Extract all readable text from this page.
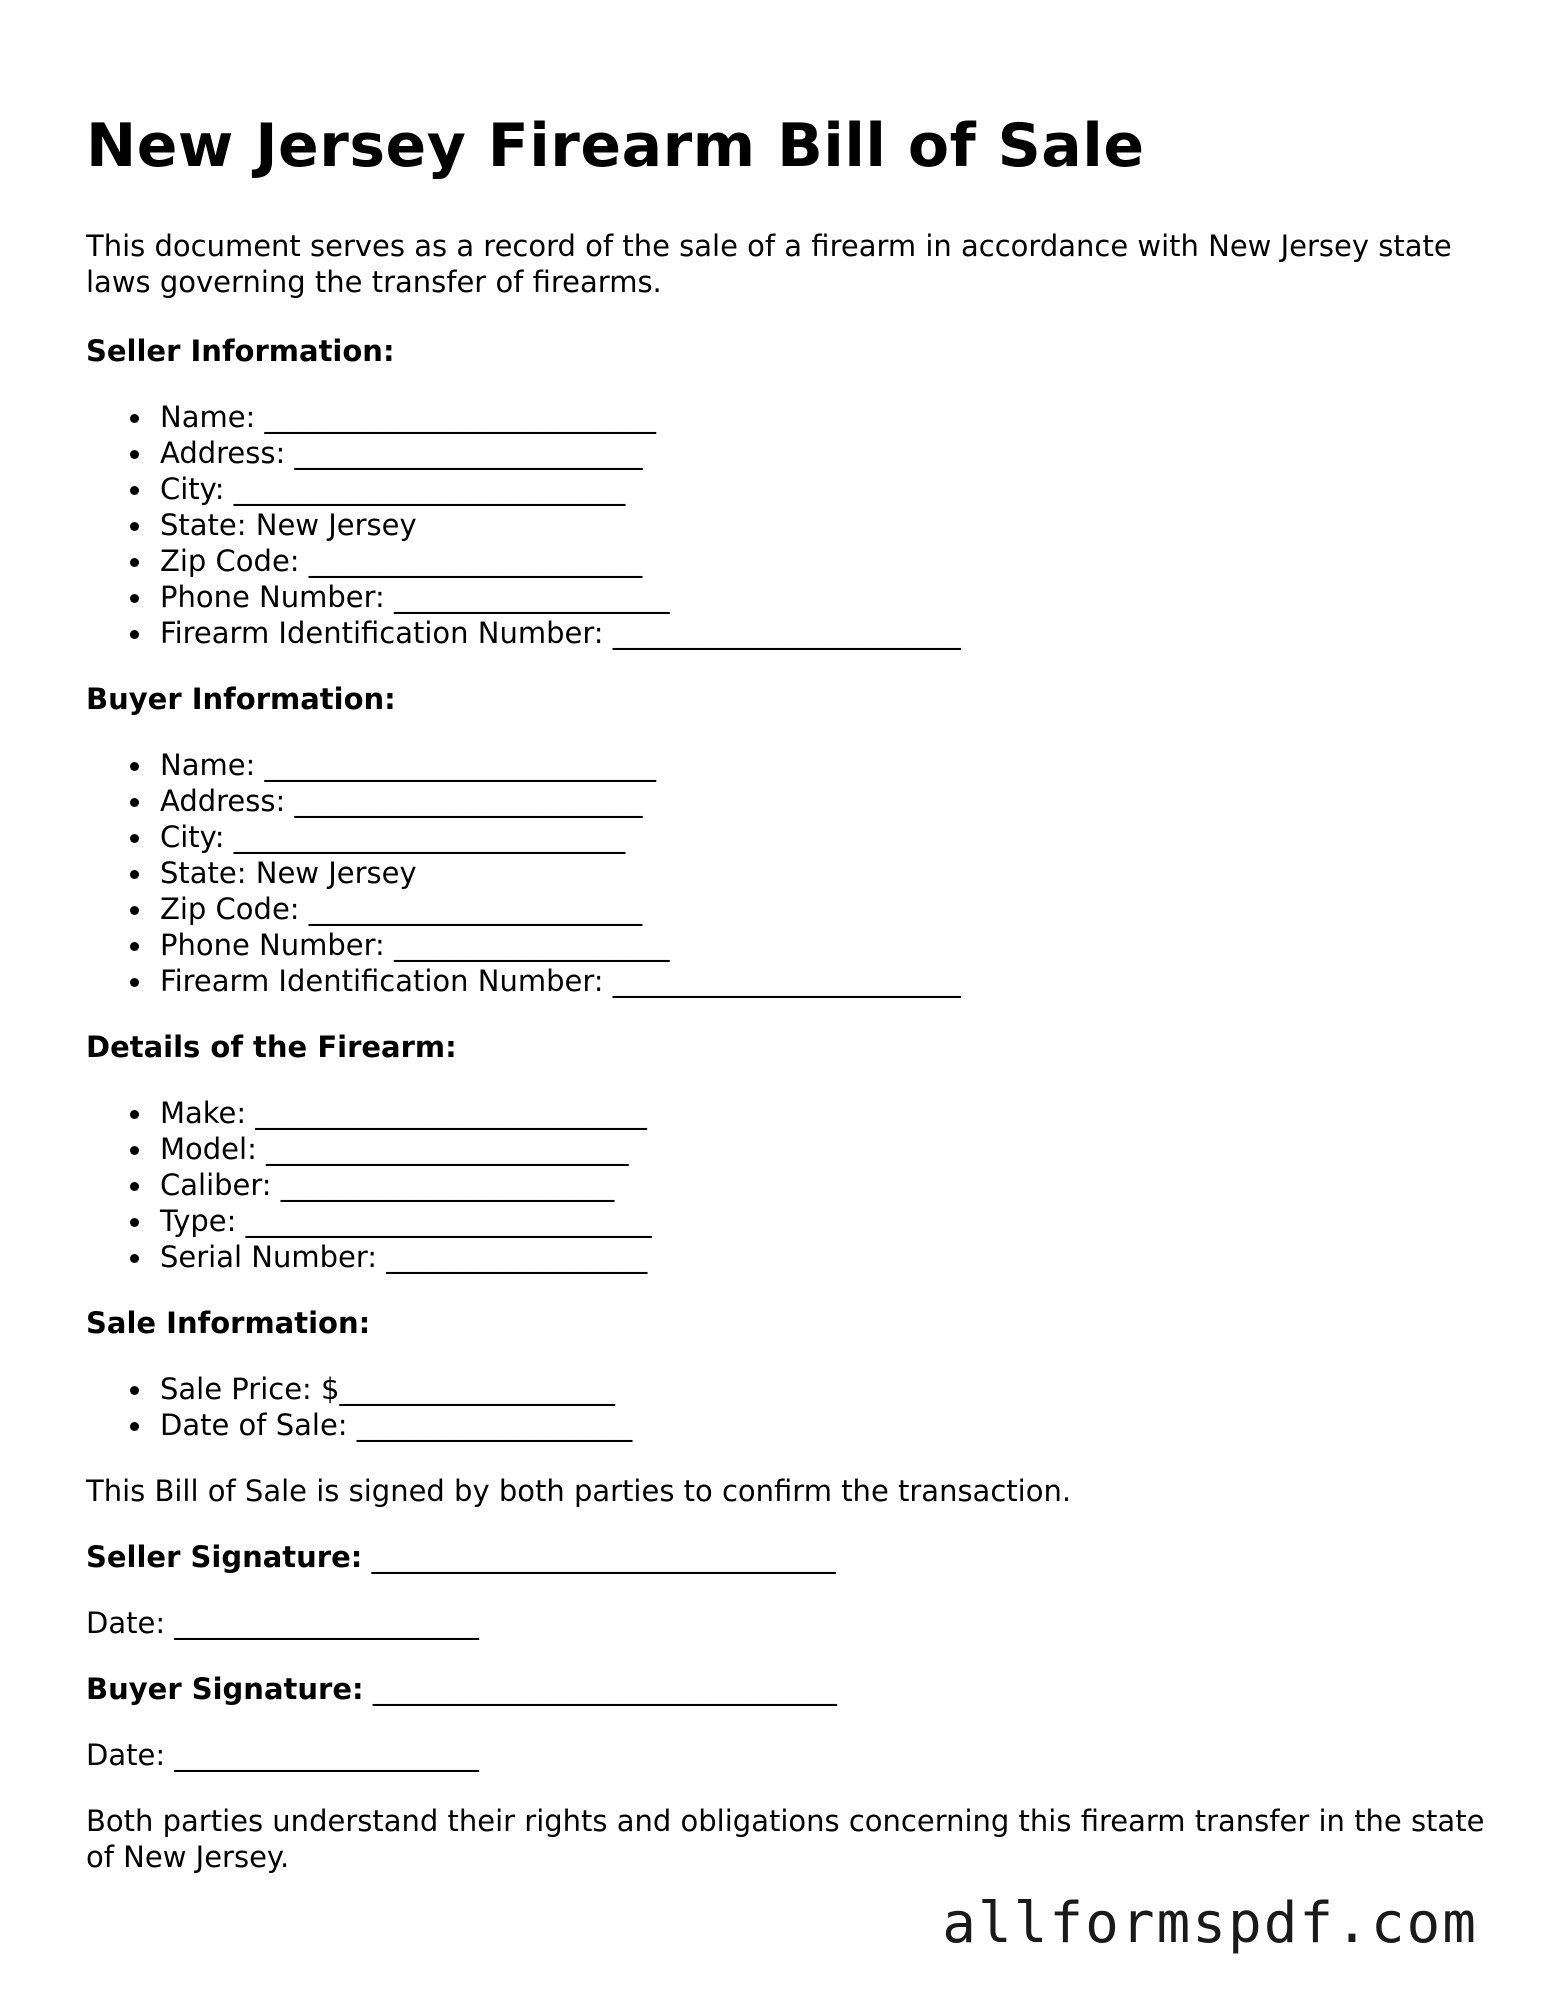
New Jersey Firearm Bill of Sale

This document serves as a record of the sale of a firearm in accordance with New Jersey state laws governing the transfer of firearms.

Seller Information:
Name: ___________________________
Address: ________________________
City: ___________________________
State: New Jersey
Zip Code: _______________________
Phone Number: ___________________
Firearm Identification Number: ________________________
Buyer Information:
Name: ___________________________
Address: ________________________
City: ___________________________
State: New Jersey
Zip Code: _______________________
Phone Number: ___________________
Firearm Identification Number: ________________________
Details of the Firearm:
Make: ___________________________
Model: _________________________
Caliber: _______________________
Type: ____________________________
Serial Number: __________________
Sale Information:
Sale Price: $___________________
Date of Sale: ___________________

This Bill of Sale is signed by both parties to confirm the transaction.

Seller Signature: ________________________________
Date: _____________________
Buyer Signature: ________________________________
Date: _____________________

Both parties understand their rights and obligations concerning this firearm transfer in the state of New Jersey.

allformspdf.com
